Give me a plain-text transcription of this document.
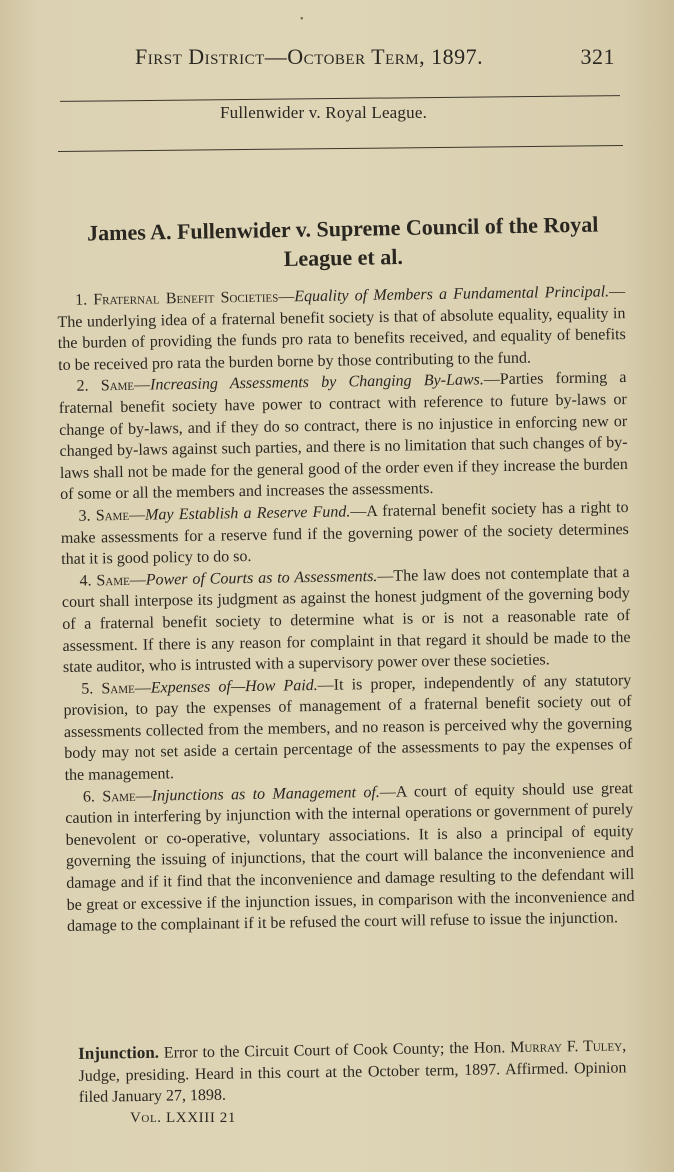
•
First District—October Term, 1897.	321
Fullenwider v. Royal League.
James A. Fullenwider v. Supreme Council of the Royal
League et al.

1. Fraternal Benefit Societies—Equality of Members a Fundamental Principal.—The underlying idea of a fraternal benefit society is that of absolute equality, equality in the burden of providing the funds pro rata to benefits received, and equality of benefits to be received pro rata the burden borne by those contributing to the fund.

2. Same—Increasing Assessments by Changing By-Laws.—Parties forming a fraternal benefit society have power to contract with reference to future by-laws or change of by-laws, and if they do so contract, there is no injustice in enforcing new or changed by-laws against such parties, and there is no limitation that such changes of by-laws shall not be made for the general good of the order even if they increase the burden of some or all the members and increases the assessments.

3. Same—May Establish a Reserve Fund.—A fraternal benefit society has a right to make assessments for a reserve fund if the governing power of the society determines that it is good policy to do so.

4. Same—Power of Courts as to Assessments.—The law does not contemplate that a court shall interpose its judgment as against the honest judgment of the governing body of a fraternal benefit society to determine what is or is not a reasonable rate of assessment. If there is any reason for complaint in that regard it should be made to the state auditor, who is intrusted with a supervisory power over these societies.

5. Same—Expenses of—How Paid.—It is proper, independently of any statutory provision, to pay the expenses of management of a fraternal benefit society out of assessments collected from the members, and no reason is perceived why the governing body may not set aside a certain percentage of the assessments to pay the expenses of the management.

6. Same—Injunctions as to Management of.—A court of equity should use great caution in interfering by injunction with the internal operations or government of purely benevolent or co-operative, voluntary associations. It is also a principal of equity governing the issuing of injunctions, that the court will balance the inconvenience and damage and if it find that the inconvenience and damage resulting to the defendant will be great or excessive if the injunction issues, in comparison with the inconvenience and damage to the complainant if it be refused the court will refuse to issue the injunction.

Injunction. Error to the Circuit Court of Cook County; the Hon. Murray F. Tuley, Judge, presiding. Heard in this court at the October term, 1897. Affirmed. Opinion filed January 27, 1898.
Vol. LXXIII 21
